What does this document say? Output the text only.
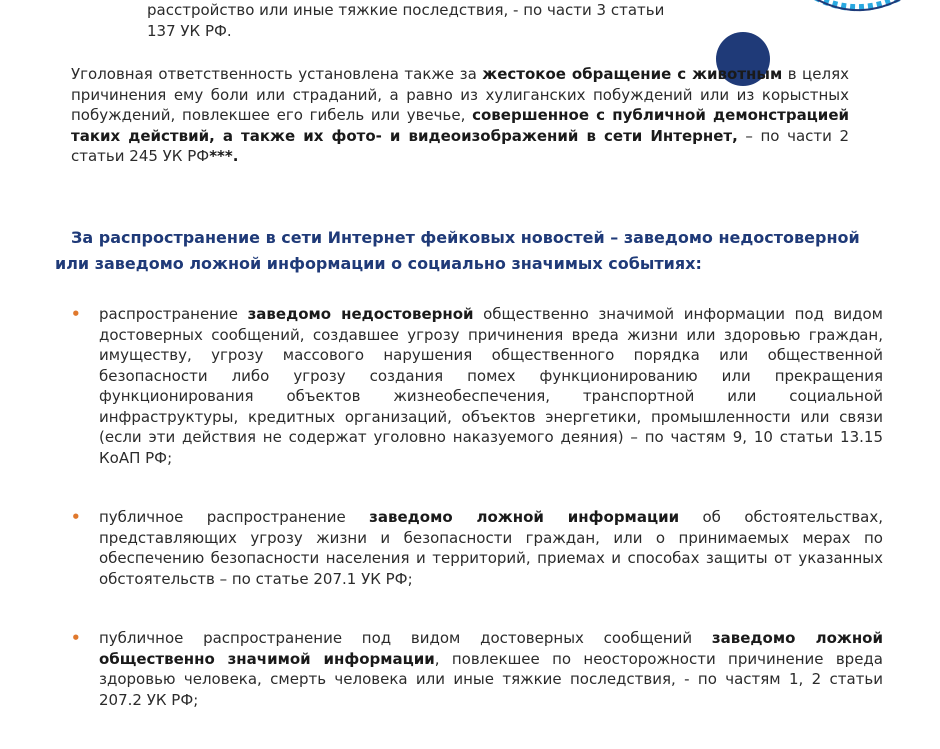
расстройство или иные тяжкие последствия, - по части 3 статьи
137 УК РФ.
Уголовная ответственность установлена также за жестокое обращение с животным в целях причинения ему боли или страданий, а равно из хулиганских побуждений или из корыстных побуждений, повлекшее его гибель или увечье, совершенное с публичной демонстрацией таких действий, а также их фото- и видеоизображений в сети Интернет, – по части 2 статьи 245 УК РФ***.
За распространение в сети Интернет фейковых новостей – заведомо недостоверной
или заведомо ложной информации о социально значимых событиях:
• распространение заведомо недостоверной общественно значимой информации под видом достоверных сообщений, создавшее угрозу причинения вреда жизни или здоровью граждан, имуществу, угрозу массового нарушения общественного порядка или общественной безопасности либо угрозу создания помех функционированию или прекращения функционирования объектов жизнеобеспечения, транспортной или социальной инфраструктуры, кредитных организаций, объектов энергетики, промышленности или связи (если эти действия не содержат уголовно наказуемого деяния) – по частям 9, 10 статьи 13.15 КоАП РФ;
• публичное распространение заведомо ложной информации об обстоятельствах, представляющих угрозу жизни и безопасности граждан, или о принимаемых мерах по обеспечению безопасности населения и территорий, приемах и способах защиты от указанных обстоятельств – по статье 207.1 УК РФ;
• публичное распространение под видом достоверных сообщений заведомо ложной общественно значимой информации, повлекшее по неосторожности причинение вреда здоровью человека, смерть человека или иные тяжкие последствия, - по частям 1, 2 статьи 207.2 УК РФ;
